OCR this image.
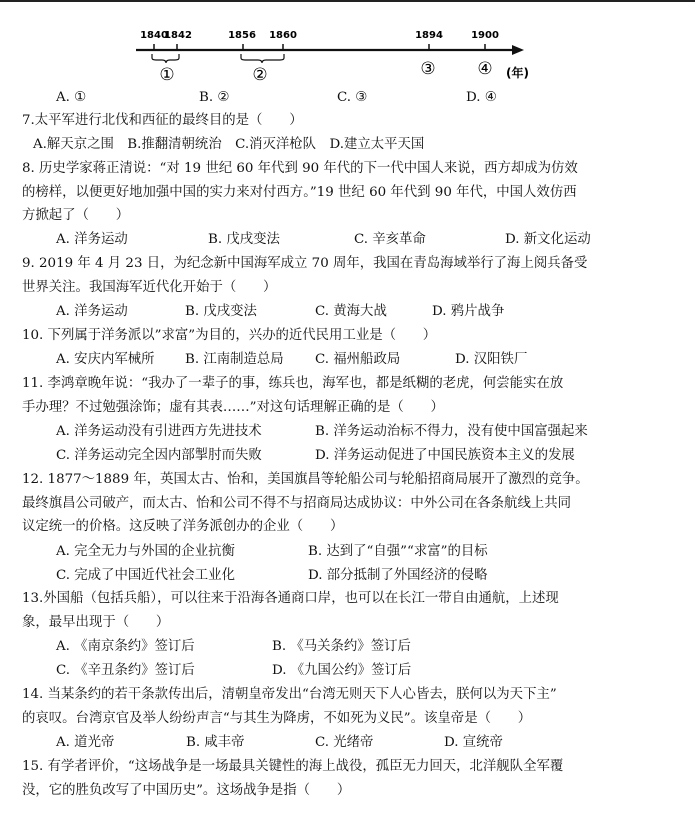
1840
1842	1856 1860	1894	1900
①	②	③ ④ (年)
A. ①	B. ②	C. ③	D. ④
7.太平军进行北伐和西征的最终目的是（　　）
A.解天京之围　B.推翻清朝统治　C.消灭洋枪队　D.建立太平天国
8. 历史学家蒋正清说：“对 19 世纪 60 年代到 90 年代的下一代中国人来说，西方却成为仿效
的榜样，以便更好地加强中国的实力来对付西方。”19 世纪 60 年代到 90 年代，中国人效仿西
方掀起了（　　）
A. 洋务运动	B. 戊戌变法	C. 辛亥革命	D. 新文化运动
9. 2019 年 4 月 23 日，为纪念新中国海军成立 70 周年，我国在青岛海域举行了海上阅兵备受
世界关注。我国海军近代化开始于（　　）
A. 洋务运动	B. 戊戌变法	C. 黄海大战	D. 鸦片战争
10. 下列属于洋务派以”求富”为目的，兴办的近代民用工业是（　　）
A. 安庆内军械所 B. 江南制造总局 C. 福州船政局	D. 汉阳铁厂
11. 李鸿章晚年说：“我办了一辈子的事，练兵也，海军也，都是纸糊的老虎，何尝能实在放
手办理？不过勉强涂饰；虚有其表……”对这句话理解正确的是（　　）
A. 洋务运动没有引进西方先进技术	B. 洋务运动治标不得力，没有使中国富强起来
C. 洋务运动完全因内部掣肘而失败	D. 洋务运动促进了中国民族资本主义的发展
12. 1877～1889 年，英国太古、怡和，美国旗昌等轮船公司与轮船招商局展开了激烈的竞争。
最终旗昌公司破产，而太古、怡和公司不得不与招商局达成协议：中外公司在各条航线上共同
议定统一的价格。这反映了洋务派创办的企业（　　）
A. 完全无力与外国的企业抗衡	B. 达到了“自强”“求富”的目标
C. 完成了中国近代社会工业化	D. 部分抵制了外国经济的侵略
13.外国船（包括兵船），可以往来于沿海各通商口岸，也可以在长江一带自由通航，上述现
象，最早出现于（　　）
A. 《南京条约》签订后	B. 《马关条约》签订后
C. 《辛丑条约》签订后	D. 《九国公约》签订后
14. 当某条约的若干条款传出后，清朝皇帝发出“台湾无则天下人心皆去，朕何以为天下主”
的哀叹。台湾京官及举人纷纷声言“与其生为降虏，不如死为义民”。该皇帝是（　　）
A. 道光帝	B. 咸丰帝	C. 光绪帝	D. 宣统帝
15. 有学者评价，“这场战争是一场最具关键性的海上战役，孤臣无力回天，北洋舰队全军覆
没，它的胜负改写了中国历史”。这场战争是指（　　）
